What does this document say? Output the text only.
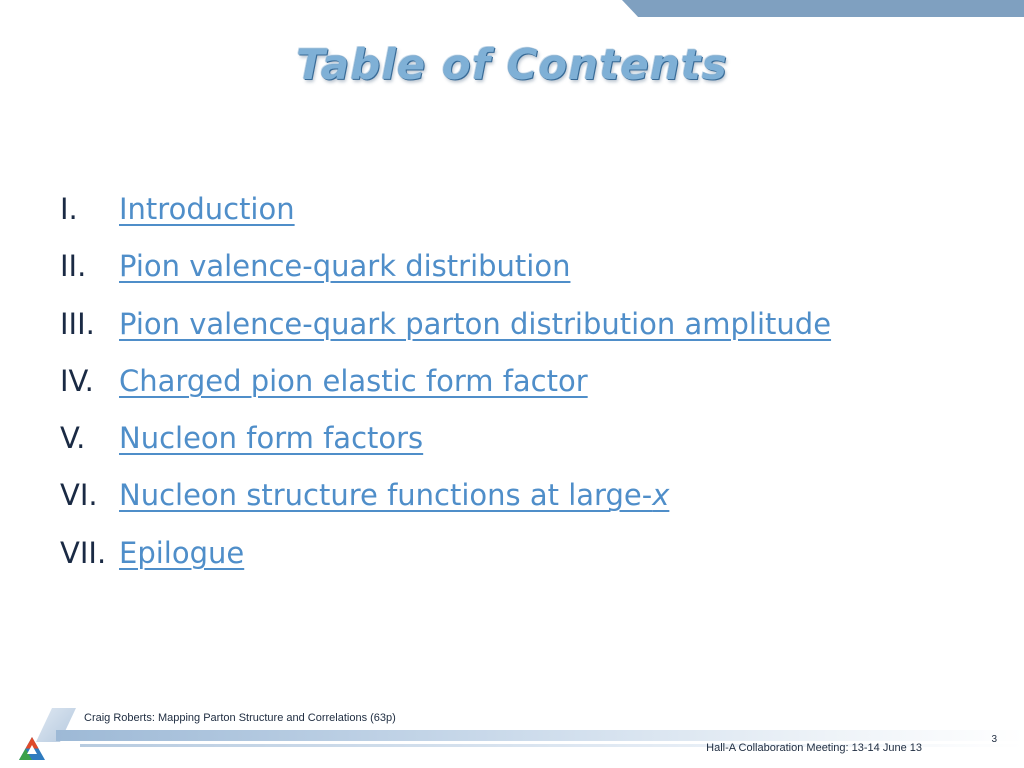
Table of Contents
I. Introduction
II. Pion valence-quark distribution
III. Pion valence-quark parton distribution amplitude
IV. Charged pion elastic form factor
V. Nucleon form factors
VI. Nucleon structure functions at large-x
VII. Epilogue
Craig Roberts: Mapping Parton Structure and Correlations (63p)
Hall-A Collaboration Meeting: 13-14 June 13
3
